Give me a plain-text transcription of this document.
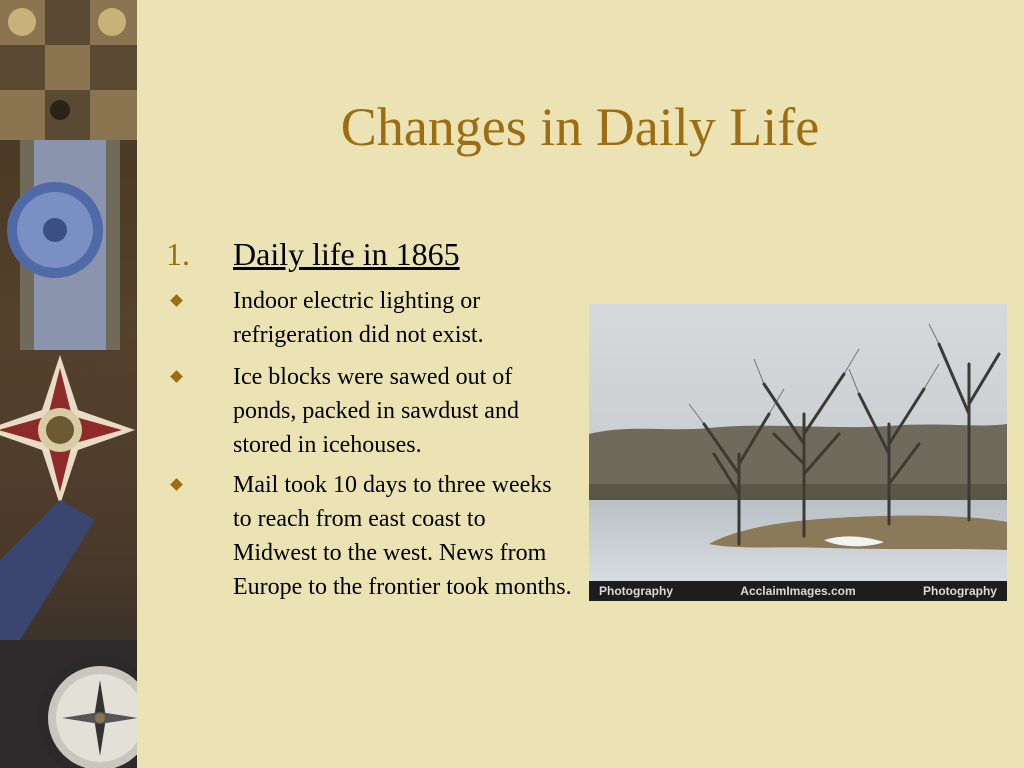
Changes in Daily Life
1. Daily life in 1865
Indoor electric lighting or refrigeration did not exist.
Ice blocks were sawed out of ponds, packed in sawdust and stored in icehouses.
Mail took 10 days to three weeks to reach from east coast to Midwest to the west. News from Europe to the frontier took months. Photography	AcclaimImages.com	Photography
